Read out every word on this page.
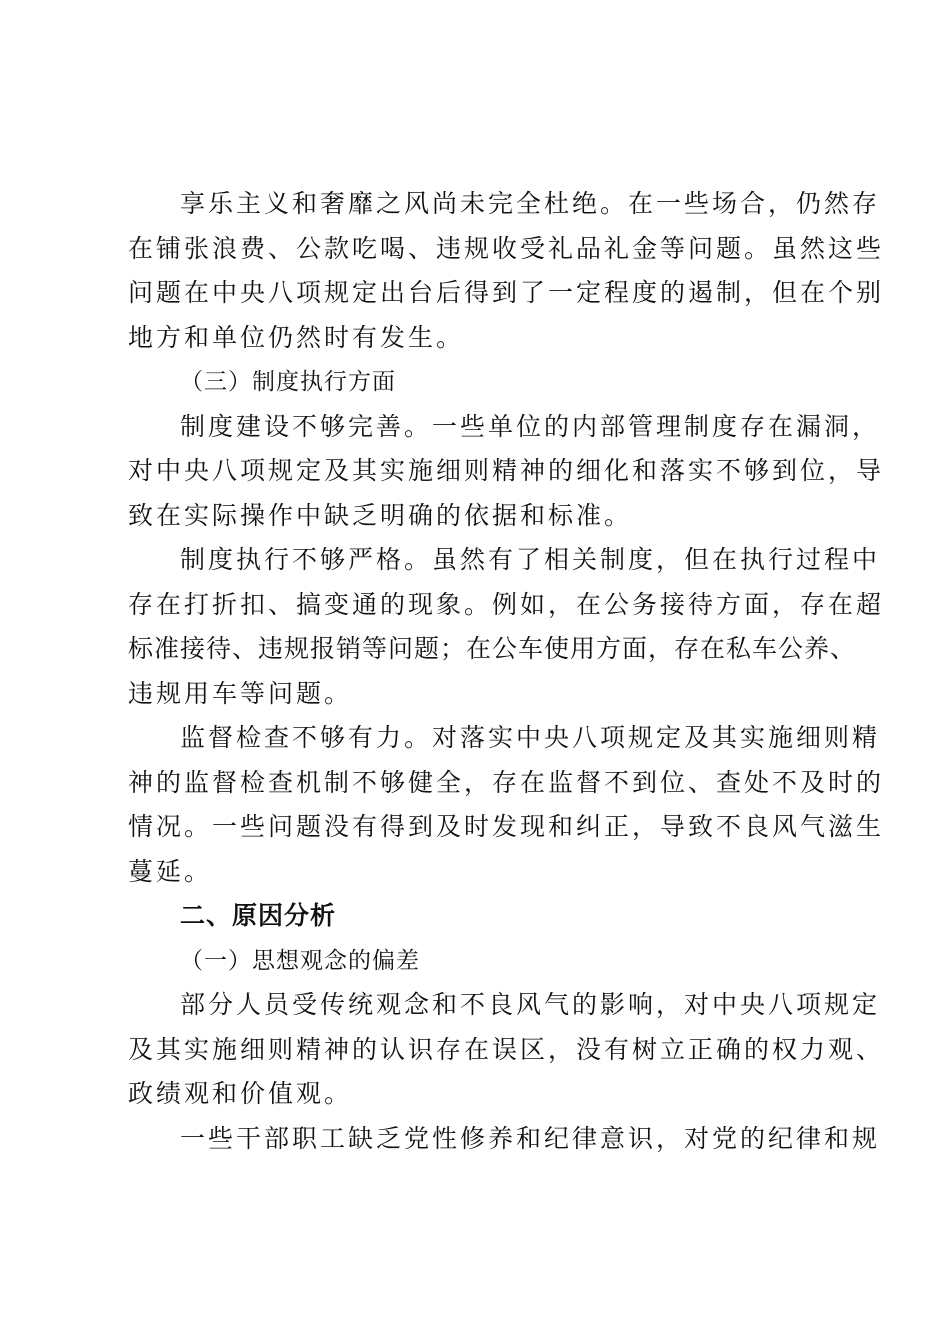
享乐主义和奢靡之风尚未完全杜绝。在一些场合，仍然存
在铺张浪费、公款吃喝、违规收受礼品礼金等问题。虽然这些
问题在中央八项规定出台后得到了一定程度的遏制，但在个别
地方和单位仍然时有发生。
（三）制度执行方面
制度建设不够完善。一些单位的内部管理制度存在漏洞，
对中央八项规定及其实施细则精神的细化和落实不够到位，导
致在实际操作中缺乏明确的依据和标准。
制度执行不够严格。虽然有了相关制度，但在执行过程中
存在打折扣、搞变通的现象。例如，在公务接待方面，存在超
标准接待、违规报销等问题；在公车使用方面，存在私车公养、
违规用车等问题。
监督检查不够有力。对落实中央八项规定及其实施细则精
神的监督检查机制不够健全，存在监督不到位、查处不及时的
情况。一些问题没有得到及时发现和纠正，导致不良风气滋生
蔓延。
二、原因分析
（一）思想观念的偏差
部分人员受传统观念和不良风气的影响，对中央八项规定
及其实施细则精神的认识存在误区，没有树立正确的权力观、
政绩观和价值观。
一些干部职工缺乏党性修养和纪律意识，对党的纪律和规
